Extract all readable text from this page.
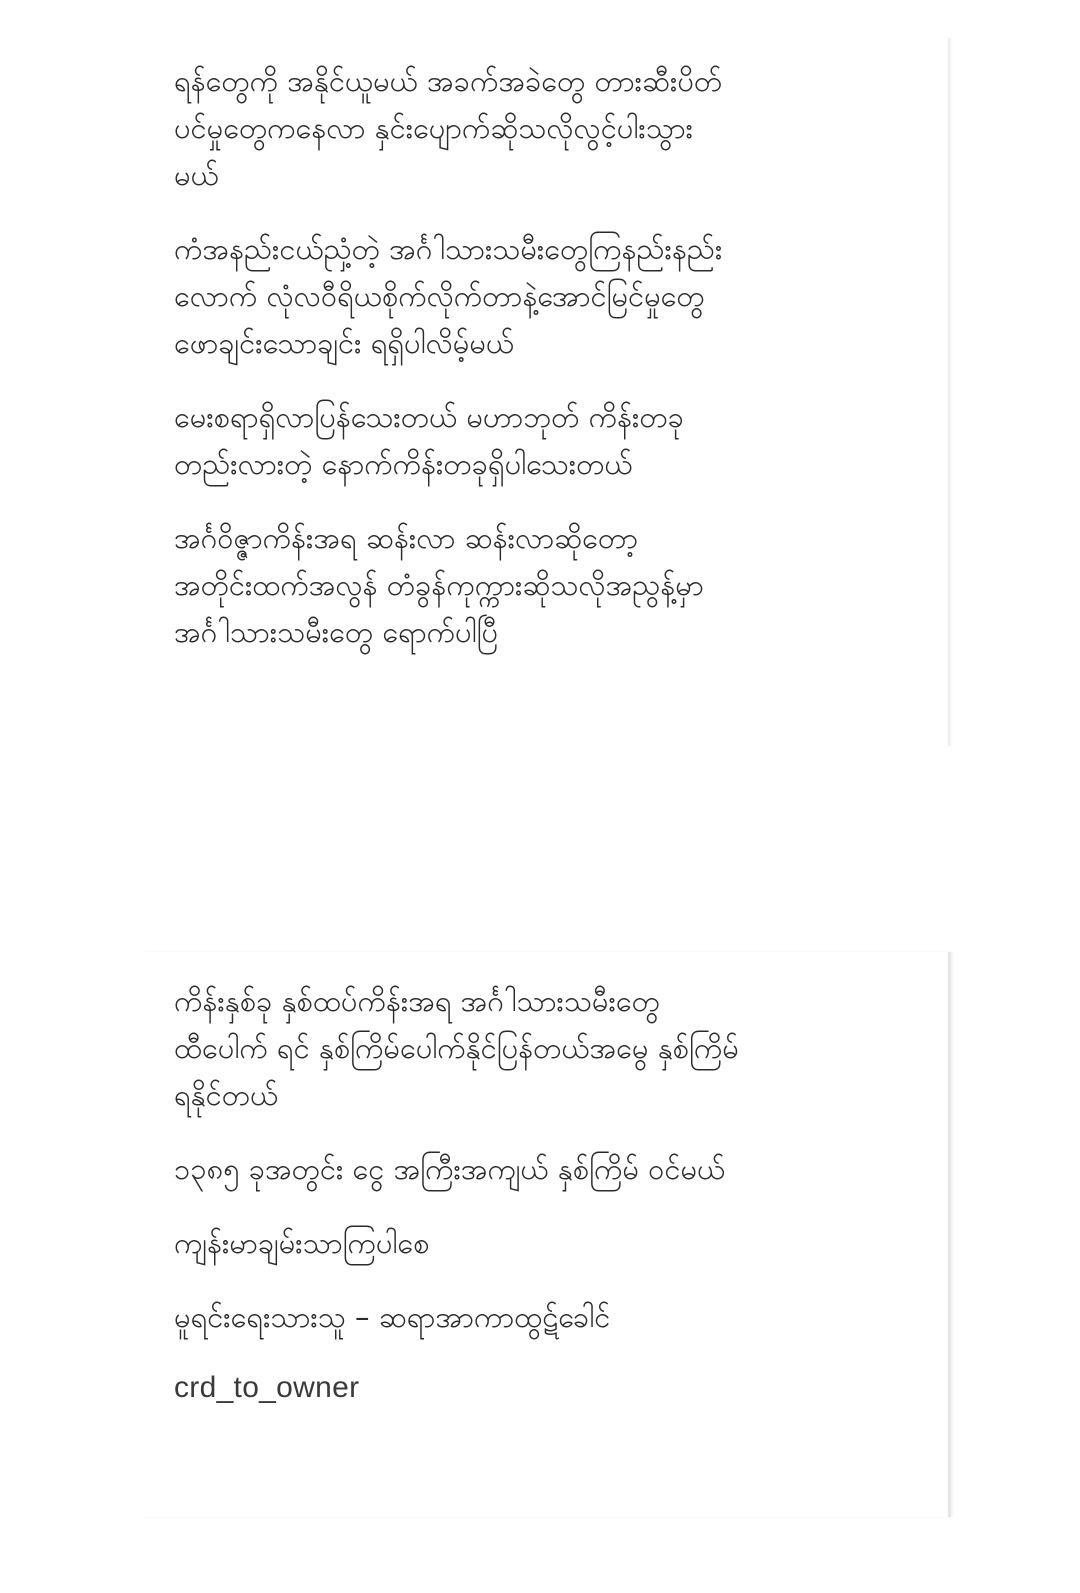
ရန်တွေကို အနိုင်ယူမယ် အခက်အခဲတွေ တားဆီးပိတ်
ပင်မှုတွေကနေလာ နှင်းပျောက်ဆိုသလိုလွင့်ပါးသွား
မယ်

ကံအနည်းငယ်ညှံ့တဲ့ အင်္ဂါသားသမီးတွေကြနည်းနည်း
လောက် လုံလဝီရိယစိုက်လိုက်တာနဲ့အောင်မြင်မှုတွေ
ဖောချင်းသောချင်း ရရှိပါလိမ့်မယ်

မေးစရာရှိလာပြန်သေးတယ် မဟာဘုတ် ကိန်းတခု
တည်းလားတဲ့ နောက်ကိန်းတခုရှိပါသေးတယ်

အင်္ဂဝိဇ္ဇာကိန်းအရ ဆန်းလာ ဆန်းလာဆိုတော့
အတိုင်းထက်အလွန် တံခွန်ကုက္ကားဆိုသလိုအညွန့်မှာ
အင်္ဂါသားသမီးတွေ ရောက်ပါပြီ

ကိန်းနှစ်ခု နှစ်ထပ်ကိန်းအရ အင်္ဂါသားသမီးတွေ
ထီပေါက် ရင် နှစ်ကြိမ်ပေါက်နိုင်ပြန်တယ်အမွေ နှစ်ကြိမ်
ရနိုင်တယ်

၁၃၈၅ ခုအတွင်း ငွေ အကြီးအကျယ် နှစ်ကြိမ် ဝင်မယ်

ကျန်းမာချမ်းသာကြပါစေ

မူရင်းရေးသားသူ – ဆရာအာကာထွဋ်ခေါင်

crd_to_owner
